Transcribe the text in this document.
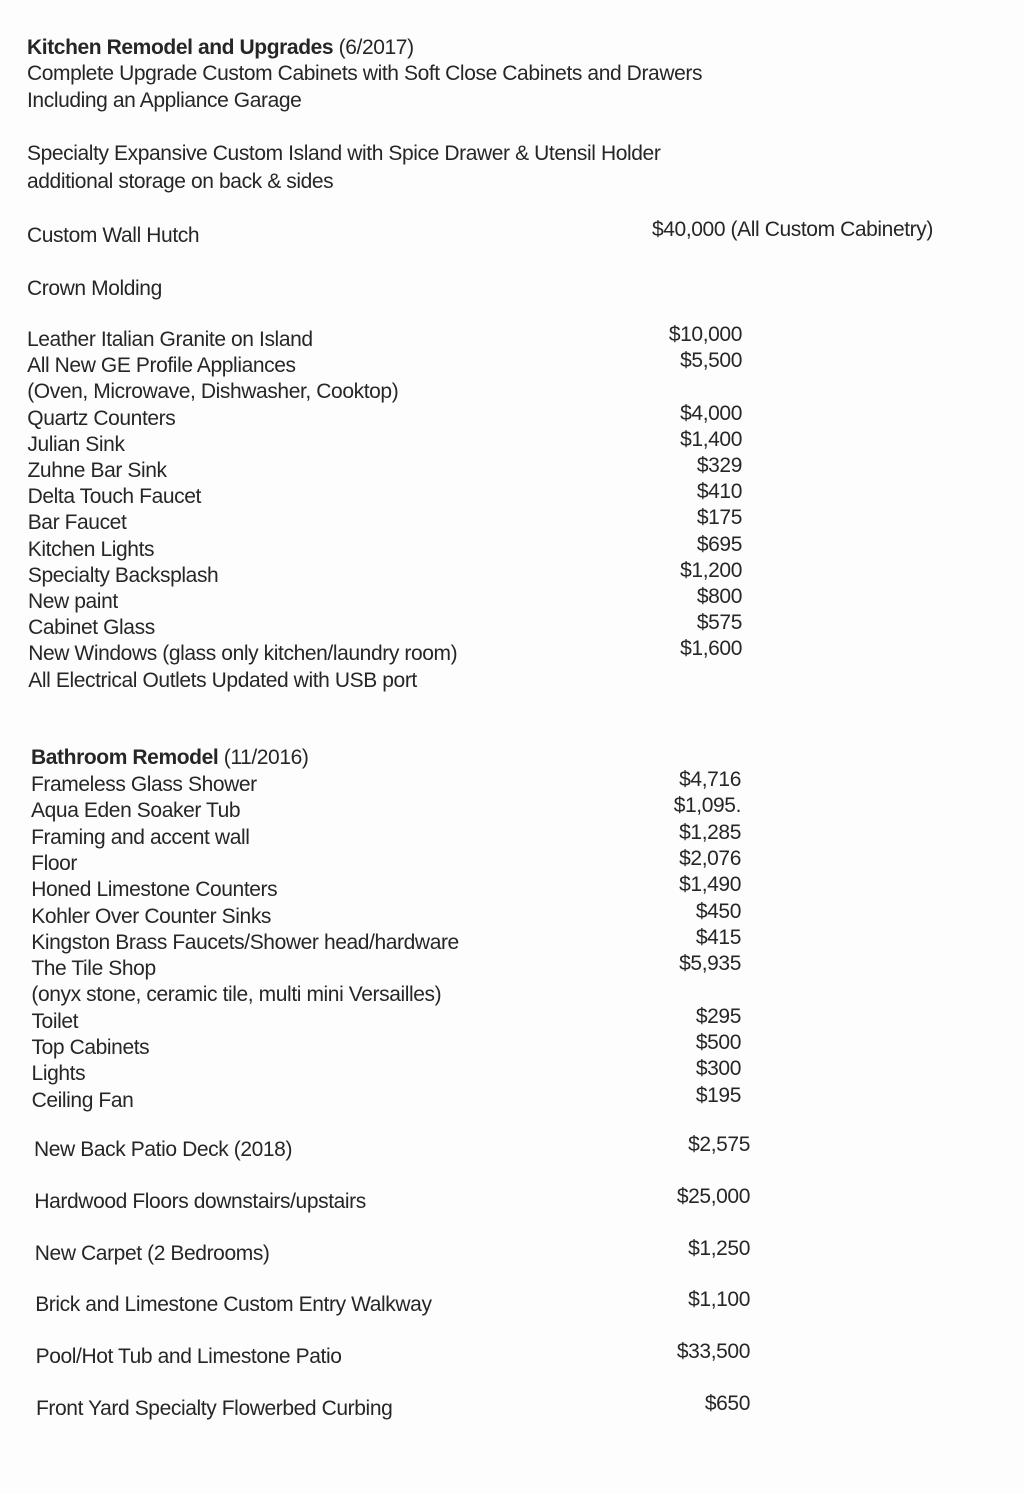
Kitchen Remodel and Upgrades (6/2017)
Complete Upgrade Custom Cabinets with Soft Close Cabinets and Drawers
Including an Appliance Garage
Specialty Expansive Custom Island with Spice Drawer & Utensil Holder
additional storage on back & sides
Custom Wall Hutch	$40,000 (All Custom Cabinetry)
Crown Molding
Leather Italian Granite on Island	$10,000
All New GE Profile Appliances	$5,500
(Oven, Microwave, Dishwasher, Cooktop)
Quartz Counters	$4,000
Julian Sink	$1,400
Zuhne Bar Sink	$329
Delta Touch Faucet	$410
Bar Faucet	$175
Kitchen Lights	$695
Specialty Backsplash	$1,200
New paint	$800
Cabinet Glass	$575
New Windows (glass only kitchen/laundry room)	$1,600
All Electrical Outlets Updated with USB port
Bathroom Remodel (11/2016)
Frameless Glass Shower	$4,716
Aqua Eden Soaker Tub	$1,095.
Framing and accent wall	$1,285
Floor	$2,076
Honed Limestone Counters	$1,490
Kohler Over Counter Sinks	$450
Kingston Brass Faucets/Shower head/hardware	$415
The Tile Shop	$5,935
(onyx stone, ceramic tile, multi mini Versailles)
Toilet	$295
Top Cabinets	$500
Lights	$300
Ceiling Fan	$195
New Back Patio Deck (2018)	$2,575
Hardwood Floors downstairs/upstairs	$25,000
New Carpet (2 Bedrooms)	$1,250
Brick and Limestone Custom Entry Walkway	$1,100
Pool/Hot Tub and Limestone Patio	$33,500
Front Yard Specialty Flowerbed Curbing	$650
